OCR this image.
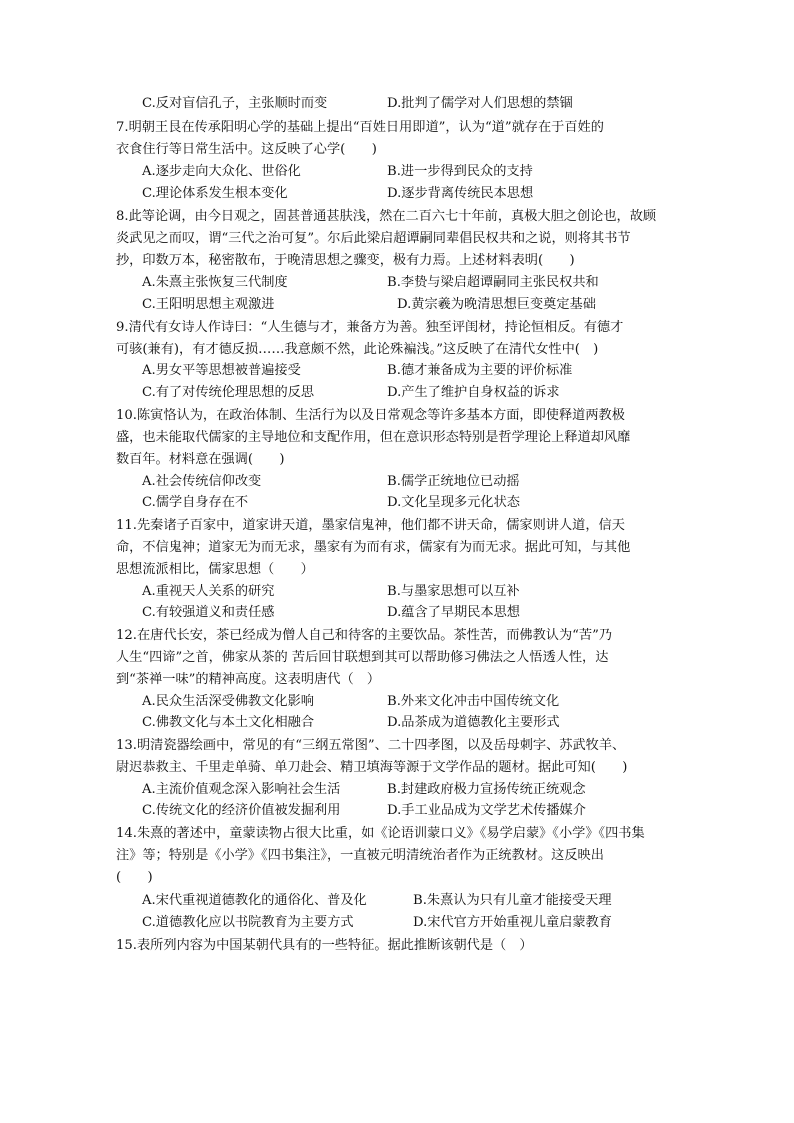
C.反对盲信孔子，主张顺时而变	D.批判了儒学对人们思想的禁锢
7.明朝王艮在传承阳明心学的基础上提出“百姓日用即道”，认为“道”就存在于百姓的
衣食住行等日常生活中。这反映了心学(　　)
A.逐步走向大众化、世俗化	B.进一步得到民众的支持
C.理论体系发生根本变化	D.逐步背离传统民本思想
8.此等论调，由今日观之，固甚普通甚肤浅，然在二百六七十年前，真极大胆之创论也，故顾
炎武见之而叹，谓“三代之治可复”。尔后此梁启超谭嗣同辈倡民权共和之说，则将其书节
抄，印数万本，秘密散布，于晚清思想之骤变，极有力焉。上述材料表明(　　)
A.朱熹主张恢复三代制度	B.李贽与梁启超谭嗣同主张民权共和
C.王阳明思想主观激进	D.黄宗羲为晚清思想巨变奠定基础
9.清代有女诗人作诗曰：“人生德与才，兼备方为善。独至评闺材，持论恒相反。有德才
可骇(兼有)，有才德反损……我意颇不然，此论殊褊浅。”这反映了在清代女性中(　)
A.男女平等思想被普遍接受	B.德才兼备成为主要的评价标准
C.有了对传统伦理思想的反思	D.产生了维护自身权益的诉求
10.陈寅恪认为，在政治体制、生活行为以及日常观念等许多基本方面，即使释道两教极
盛，也未能取代儒家的主导地位和支配作用，但在意识形态特别是哲学理论上释道却风靡
数百年。材料意在强调(　　)
A.社会传统信仰改变	B.儒学正统地位已动摇
C.儒学自身存在不	D.文化呈现多元化状态
11.先秦诸子百家中，道家讲天道，墨家信鬼神，他们都不讲天命，儒家则讲人道，信天
命，不信鬼神；道家无为而无求，墨家有为而有求，儒家有为而无求。据此可知，与其他
思想流派相比，儒家思想（　　）
A.重视天人关系的研究	B.与墨家思想可以互补
C.有较强道义和责任感	D.蕴含了早期民本思想
12.在唐代长安，茶已经成为僧人自己和待客的主要饮品。茶性苦，而佛教认为“苦”乃
人生“四谛”之首，佛家从茶的 苦后回甘联想到其可以帮助修习佛法之人悟透人性，达
到“茶禅一味”的精神高度。这表明唐代（　）
A.民众生活深受佛教文化影响	B.外来文化冲击中国传统文化
C.佛教文化与本土文化相融合	D.品茶成为道德教化主要形式
13.明清瓷器绘画中，常见的有“三纲五常图”、二十四孝图，以及岳母刺字、苏武牧羊、
尉迟恭救主、千里走单骑、单刀赴会、精卫填海等源于文学作品的题材。据此可知(　　)
A.主流价值观念深入影响社会生活	B.封建政府极力宣扬传统正统观念
C.传统文化的经济价值被发掘利用	D.手工业品成为文学艺术传播媒介
14.朱熹的著述中，童蒙读物占很大比重，如《论语训蒙口义》《易学启蒙》《小学》《四书集
注》等；特别是《小学》《四书集注》，一直被元明清统治者作为正统教材。这反映出
(　　)
A.宋代重视道德教化的通俗化、普及化	B.朱熹认为只有儿童才能接受天理
C.道德教化应以书院教育为主要方式	D.宋代官方开始重视儿童启蒙教育
15.表所列内容为中国某朝代具有的一些特征。据此推断该朝代是（　）
